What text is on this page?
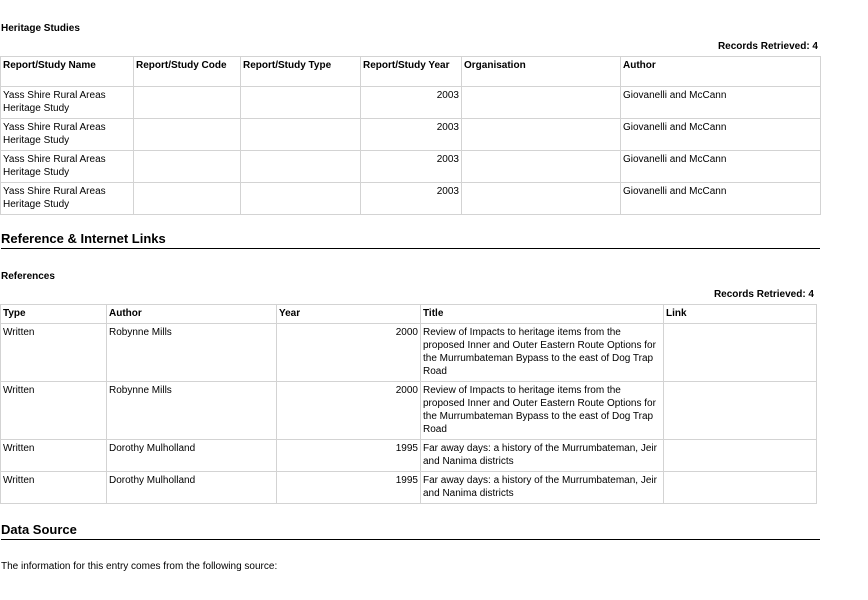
Heritage Studies
Records Retrieved: 4
Report/Study Name	Report/Study Code	Report/Study Type	Report/Study Year	Organisation	Author
Yass Shire Rural Areas Heritage Study			2003		Giovanelli and McCann
Yass Shire Rural Areas Heritage Study			2003		Giovanelli and McCann
Yass Shire Rural Areas Heritage Study			2003		Giovanelli and McCann
Yass Shire Rural Areas Heritage Study			2003		Giovanelli and McCann
Reference & Internet Links
References
Records Retrieved: 4
Type	Author	Year	Title	Link
Written	Robynne Mills	2000	Review of Impacts to heritage items from the proposed Inner and Outer Eastern Route Options for the Murrumbateman Bypass to the east of Dog Trap Road	
Written	Robynne Mills	2000	Review of Impacts to heritage items from the proposed Inner and Outer Eastern Route Options for the Murrumbateman Bypass to the east of Dog Trap Road	
Written	Dorothy Mulholland	1995	Far away days: a history of the Murrumbateman, Jeir and Nanima districts	
Written	Dorothy Mulholland	1995	Far away days: a history of the Murrumbateman, Jeir and Nanima districts	
Data Source
The information for this entry comes from the following source:
